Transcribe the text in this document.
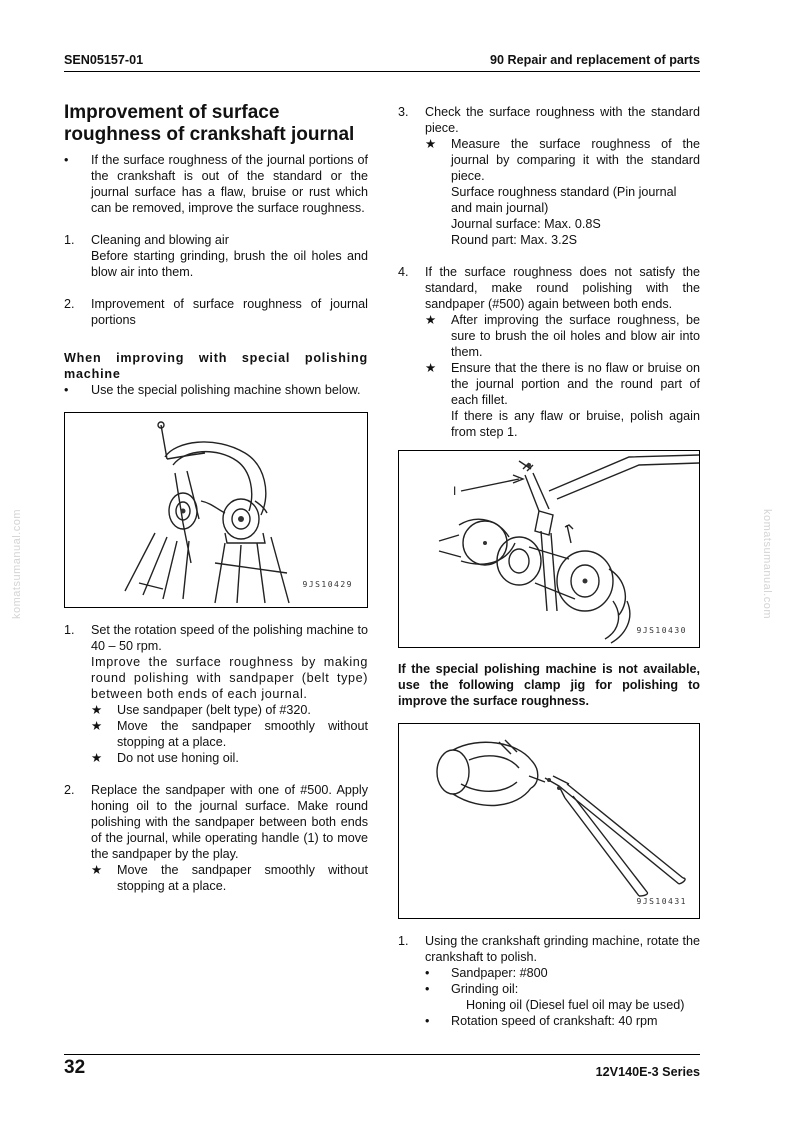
SEN05157-01	90 Repair and replacement of parts
komatsumanual.com	komatsumanual.com
Improvement of surface
roughness of crankshaft journal
•	If the surface roughness of the journal portions of the crankshaft is out of the standard or the journal surface has a flaw, bruise or rust which can be removed, improve the surface roughness.
1.	Cleaning and blowing air
Before starting grinding, brush the oil holes and blow air into them.
2.	Improvement of surface roughness of journal portions
When improving with special polishing machine
•	Use the special polishing machine shown below.
9JS10429
1.	Set the rotation speed of the polishing machine to 40 – 50 rpm.
Improve the surface roughness by making round polishing with sandpaper (belt type) between both ends of each journal.
★	Use sandpaper (belt type) of #320.
★	Move the sandpaper smoothly without stopping at a place.
★	Do not use honing oil.
2.	Replace the sandpaper with one of #500. Apply honing oil to the journal surface. Make round polishing with the sandpaper between both ends of the journal, while operating handle (1) to move the sandpaper by the play.
★	Move the sandpaper smoothly without stopping at a place.
3.	Check the surface roughness with the standard piece.
★	Measure the surface roughness of the journal by comparing it with the standard piece.
Surface roughness standard (Pin journal and main journal)
Journal surface: Max. 0.8S
Round part: Max. 3.2S
4.	If the surface roughness does not satisfy the standard, make round polishing with the sandpaper (#500) again between both ends.
★	After improving the surface roughness, be sure to brush the oil holes and blow air into them.
★	Ensure that the there is no flaw or bruise on the journal portion and the round part of each fillet.
If there is any flaw or bruise, polish again from step 1.
I
9JS10430
If the special polishing machine is not available, use the following clamp jig for polishing to improve the surface roughness.
9JS10431
1.	Using the crankshaft grinding machine, rotate the crankshaft to polish.
•	Sandpaper: #800
•	Grinding oil:
Honing oil (Diesel fuel oil may be used)
•	Rotation speed of crankshaft: 40 rpm
32	12V140E-3 Series
